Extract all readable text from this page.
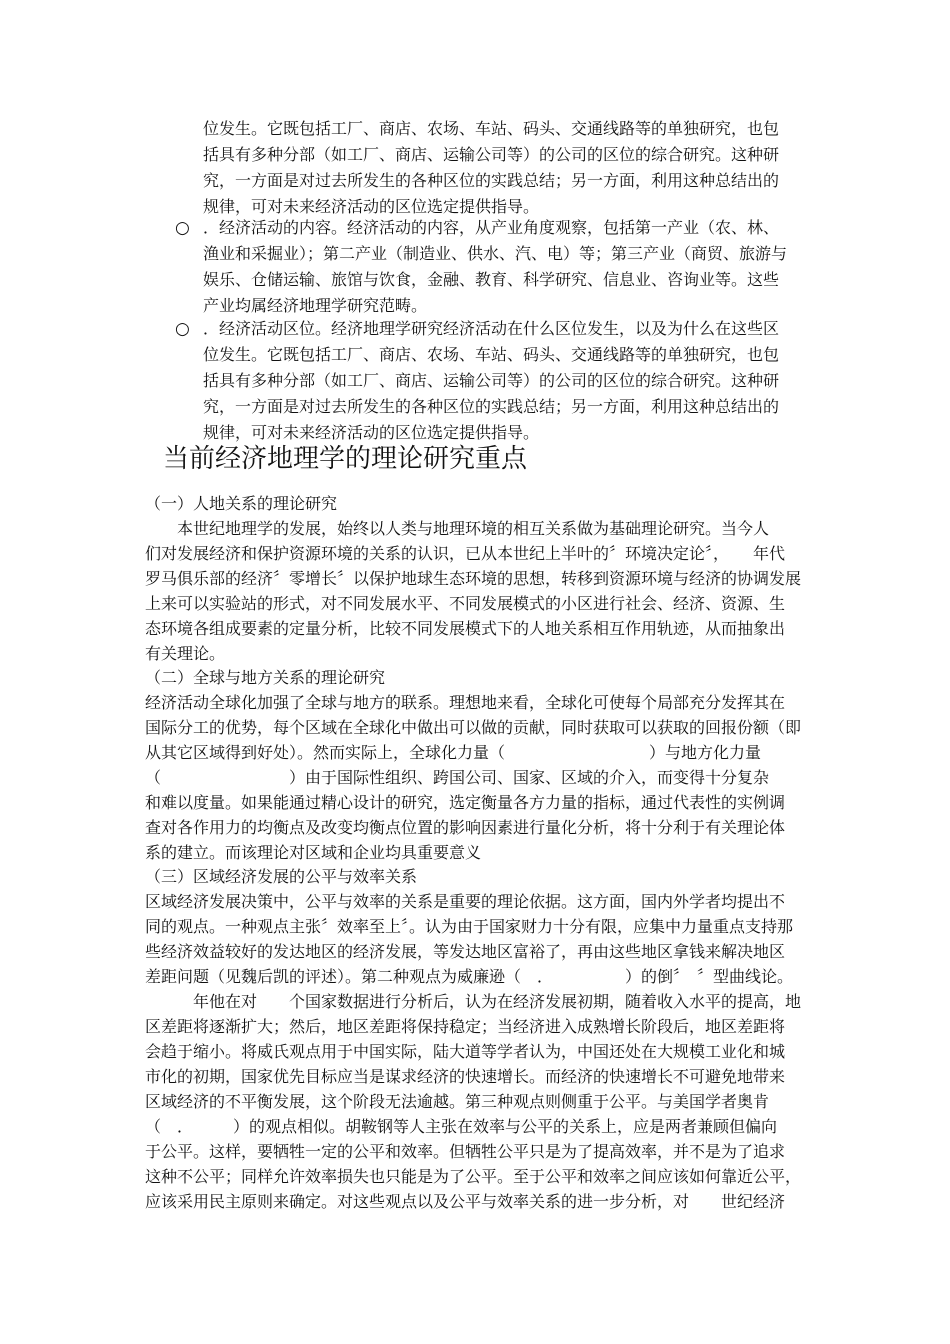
位发生。它既包括工厂、商店、农场、车站、码头、交通线路等的单独研究，也包
括具有多种分部（如工厂、商店、运输公司等）的公司的区位的综合研究。这种研
究，一方面是对过去所发生的各种区位的实践总结；另一方面，利用这种总结出的
规律，可对未来经济活动的区位选定提供指导。
○ ．经济活动的内容。经济活动的内容，从产业角度观察，包括第一产业（农、林、
渔业和采掘业）；第二产业（制造业、供水、汽、电）等；第三产业（商贸、旅游与
娱乐、仓储运输、旅馆与饮食，金融、教育、科学研究、信息业、咨询业等。这些
产业均属经济地理学研究范畴。
○ ．经济活动区位。经济地理学研究经济活动在什么区位发生，以及为什么在这些区
位发生。它既包括工厂、商店、农场、车站、码头、交通线路等的单独研究，也包
括具有多种分部（如工厂、商店、运输公司等）的公司的区位的综合研究。这种研
究，一方面是对过去所发生的各种区位的实践总结；另一方面，利用这种总结出的
规律，可对未来经济活动的区位选定提供指导。
当前经济地理学的理论研究重点
（一）人地关系的理论研究
　　本世纪地理学的发展，始终以人类与地理环境的相互关系做为基础理论研究。当今人
们对发展经济和保护资源环境的关系的认识，已从本世纪上半叶的〞环境决定论〞，　　年代
罗马俱乐部的经济〞零增长〞以保护地球生态环境的思想，转移到资源环境与经济的协调发展
上来可以实验站的形式，对不同发展水平、不同发展模式的小区进行社会、经济、资源、生
态环境各组成要素的定量分析，比较不同发展模式下的人地关系相互作用轨迹，从而抽象出
有关理论。
（二）全球与地方关系的理论研究
经济活动全球化加强了全球与地方的联系。理想地来看，全球化可使每个局部充分发挥其在
国际分工的优势，每个区域在全球化中做出可以做的贡献，同时获取可以获取的回报份额（即
从其它区域得到好处）。然而实际上，全球化力量（　　　　　　　　　）与地方化力量
（　　　　　　　　）由于国际性组织、跨国公司、国家、区域的介入，而变得十分复杂
和难以度量。如果能通过精心设计的研究，选定衡量各方力量的指标，通过代表性的实例调
查对各作用力的均衡点及改变均衡点位置的影响因素进行量化分析，将十分利于有关理论体
系的建立。而该理论对区域和企业均具重要意义
（三）区域经济发展的公平与效率关系
区域经济发展决策中，公平与效率的关系是重要的理论依据。这方面，国内外学者均提出不
同的观点。一种观点主张〞效率至上〞。认为由于国家财力十分有限，应集中力量重点支持那
些经济效益较好的发达地区的经济发展，等发达地区富裕了，再由这些地区拿钱来解决地区
差距问题（见魏后凯的评述）。第二种观点为威廉逊（　．　　　　　）的倒〞　〞型曲线论。
　　　年他在对　　个国家数据进行分析后，认为在经济发展初期，随着收入水平的提高，地
区差距将逐渐扩大；然后，地区差距将保持稳定；当经济进入成熟增长阶段后，地区差距将
会趋于缩小。将威氏观点用于中国实际，陆大道等学者认为，中国还处在大规模工业化和城
市化的初期，国家优先目标应当是谋求经济的快速增长。而经济的快速增长不可避免地带来
区域经济的不平衡发展，这个阶段无法逾越。第三种观点则侧重于公平。与美国学者奥肯
（　．　　　）的观点相似。胡鞍钢等人主张在效率与公平的关系上，应是两者兼顾但偏向
于公平。这样，要牺牲一定的公平和效率。但牺牲公平只是为了提高效率，并不是为了追求
这种不公平；同样允许效率损失也只能是为了公平。至于公平和效率之间应该如何靠近公平，
应该采用民主原则来确定。对这些观点以及公平与效率关系的进一步分析，对　　世纪经济
